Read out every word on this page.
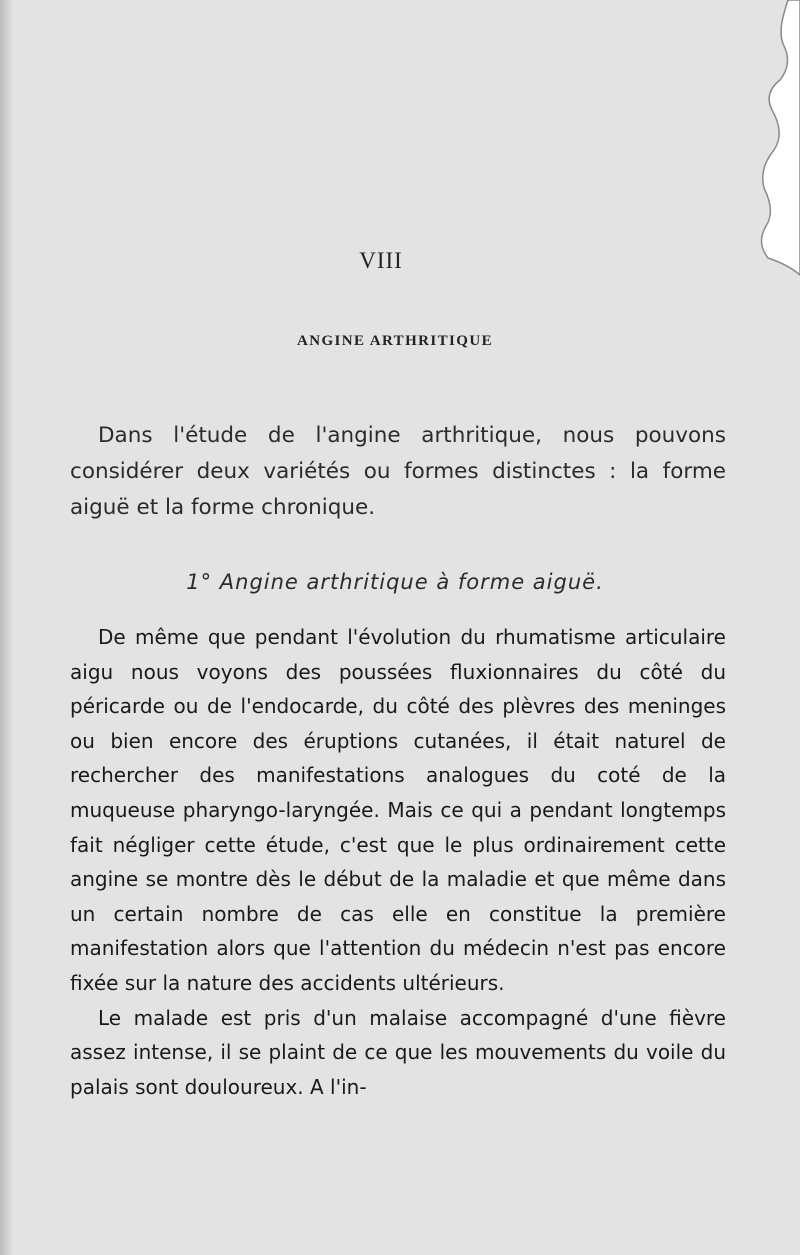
VIII
ANGINE ARTHRITIQUE

Dans l'étude de l'angine arthritique, nous pouvons considérer deux variétés ou formes distinctes : la forme aiguë et la forme chronique.

1° Angine arthritique à forme aiguë.

De même que pendant l'évolution du rhumatisme articulaire aigu nous voyons des poussées fluxionnaires du côté du péricarde ou de l'endocarde, du côté des plèvres des meninges ou bien encore des éruptions cutanées, il était naturel de rechercher des manifestations analogues du coté de la muqueuse pharyngo-laryngée. Mais ce qui a pendant longtemps fait négliger cette étude, c'est que le plus ordinairement cette angine se montre dès le début de la maladie et que même dans un certain nombre de cas elle en constitue la première manifestation alors que l'attention du médecin n'est pas encore fixée sur la nature des accidents ultérieurs.

Le malade est pris d'un malaise accompagné d'une fièvre assez intense, il se plaint de ce que les mouvements du voile du palais sont douloureux. A l'in-
